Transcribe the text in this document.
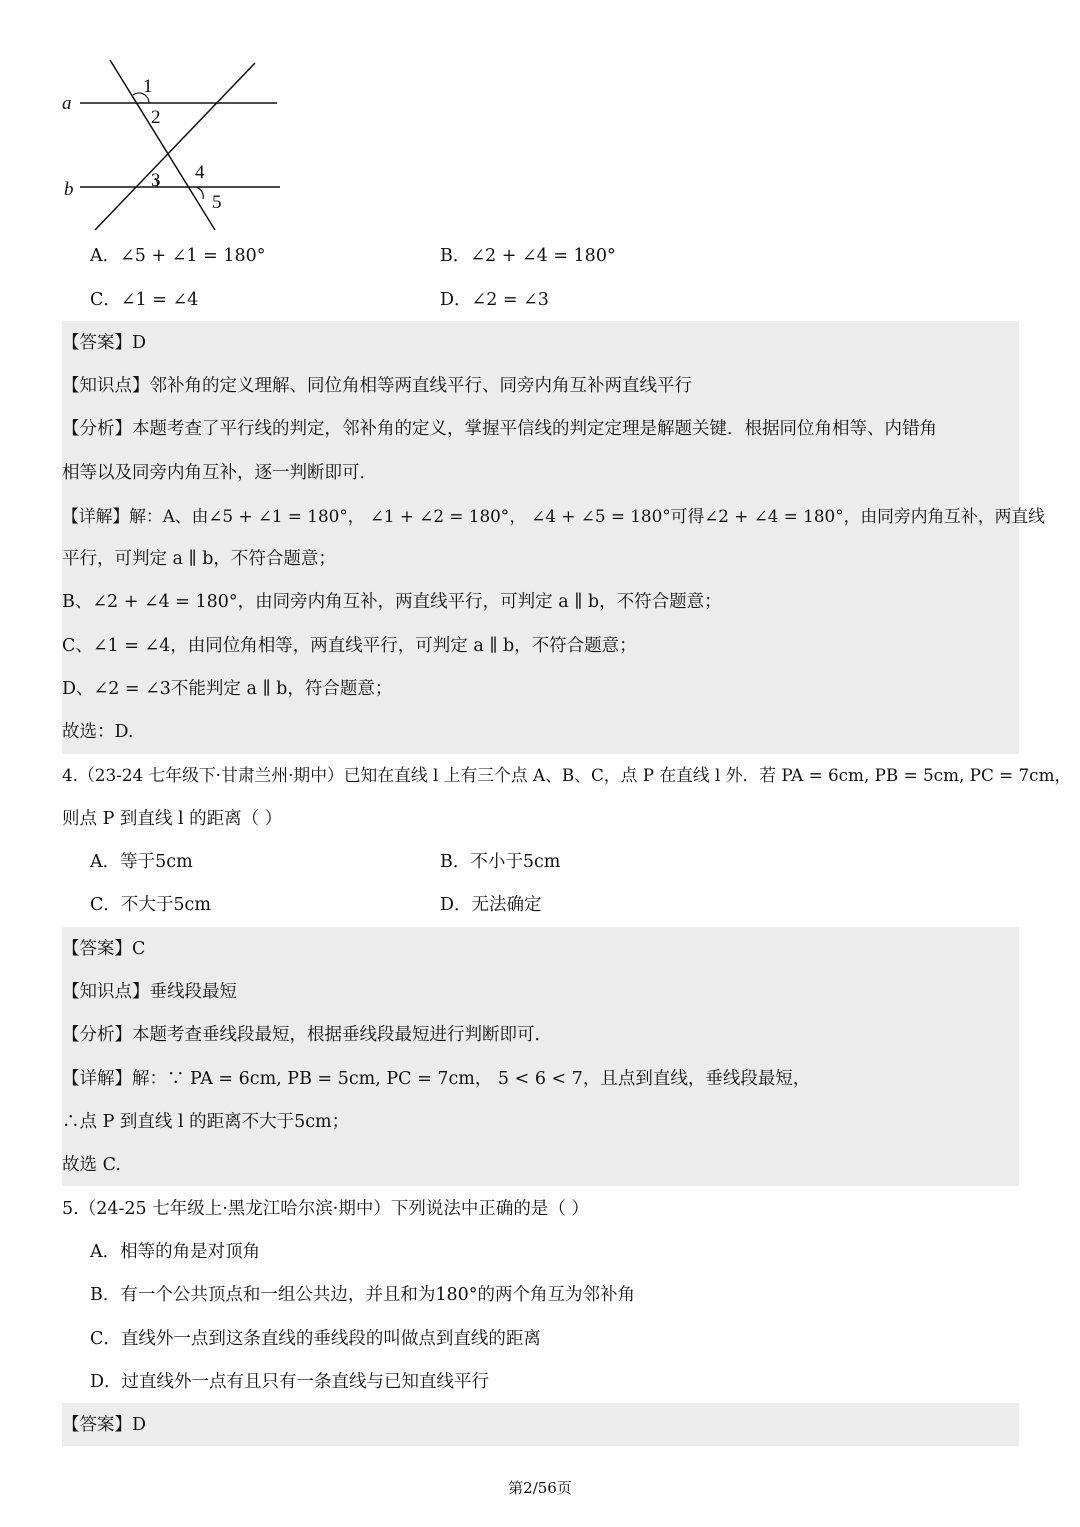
a
b
1
2
3 4
5
A．∠5 + ∠1 = 180°	B．∠2 + ∠4 = 180°
C．∠1 = ∠4	D．∠2 = ∠3
【答案】D
【知识点】邻补角的定义理解、同位角相等两直线平行、同旁内角互补两直线平行
【分析】本题考查了平行线的判定，邻补角的定义，掌握平信线的判定定理是解题关键．根据同位角相等、内错角
相等以及同旁内角互补，逐一判断即可．
【详解】解：A、由∠5 + ∠1 = 180°， ∠1 + ∠2 = 180°， ∠4 + ∠5 = 180°可得∠2 + ∠4 = 180°，由同旁内角互补，两直线
平行，可判定 a ∥ b，不符合题意；
B、∠2 + ∠4 = 180°，由同旁内角互补，两直线平行，可判定 a ∥ b，不符合题意；
C、∠1 = ∠4，由同位角相等，两直线平行，可判定 a ∥ b，不符合题意；
D、∠2 = ∠3不能判定 a ∥ b，符合题意；
故选：D.
4.（23-24 七年级下·甘肃兰州·期中）已知在直线 l 上有三个点 A、B、C，点 P 在直线 l 外．若 PA = 6cm, PB = 5cm, PC = 7cm，
则点 P 到直线 l 的距离（ ）
A．等于5cm	B．不小于5cm
C．不大于5cm	D．无法确定
【答案】C
【知识点】垂线段最短
【分析】本题考查垂线段最短，根据垂线段最短进行判断即可．
【详解】解：∵ PA = 6cm, PB = 5cm, PC = 7cm， 5 < 6 < 7，且点到直线，垂线段最短，
∴点 P 到直线 l 的距离不大于5cm；
故选 C.
5.（24-25 七年级上·黑龙江哈尔滨·期中）下列说法中正确的是（ ）
A．相等的角是对顶角
B．有一个公共顶点和一组公共边，并且和为180°的两个角互为邻补角
C．直线外一点到这条直线的垂线段的叫做点到直线的距离
D．过直线外一点有且只有一条直线与已知直线平行
【答案】D
第2/56页
